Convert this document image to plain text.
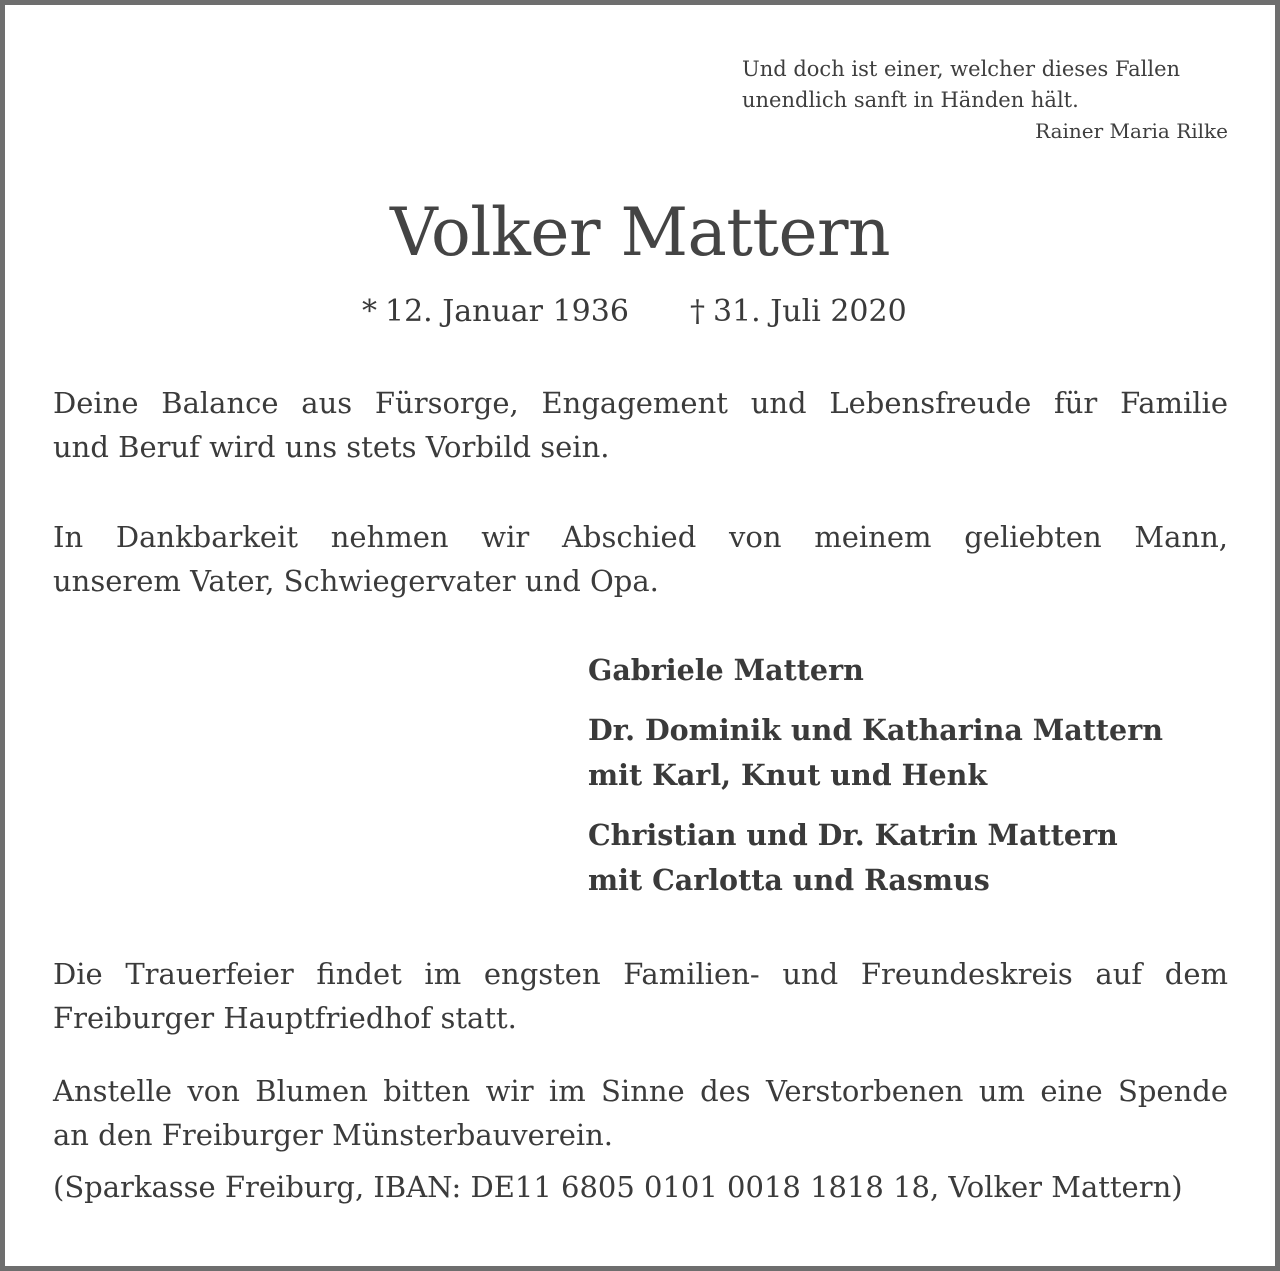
Und doch ist einer, welcher dieses Fallen
unendlich sanft in Händen hält.
Rainer Maria Rilke
Volker Mattern
* 12. Januar 1936 † 31. Juli 2020
Deine Balance aus Fürsorge, Engagement und Lebensfreude für Familie
und Beruf wird uns stets Vorbild sein.
In Dankbarkeit nehmen wir Abschied von meinem geliebten Mann,
unserem Vater, Schwiegervater und Opa.
Gabriele Mattern
Dr. Dominik und Katharina Mattern
mit Karl, Knut und Henk
Christian und Dr. Katrin Mattern
mit Carlotta und Rasmus
Die Trauerfeier findet im engsten Familien- und Freundeskreis auf dem
Freiburger Hauptfriedhof statt.
Anstelle von Blumen bitten wir im Sinne des Verstorbenen um eine Spende
an den Freiburger Münsterbauverein.
(Sparkasse Freiburg, IBAN: DE11 6805 0101 0018 1818 18, Volker Mattern)
